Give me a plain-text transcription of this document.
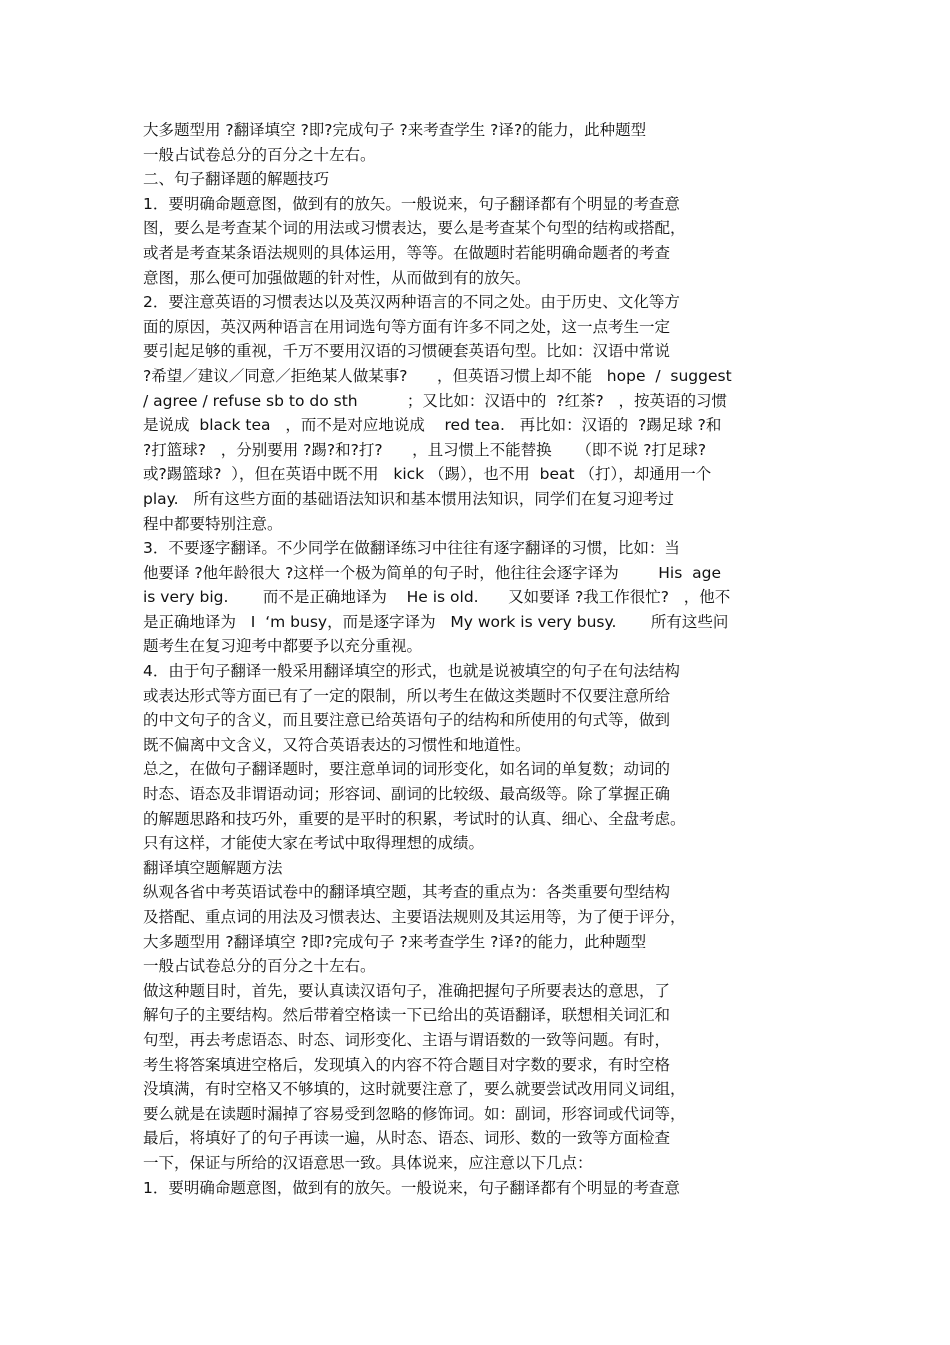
大多题型用 ?翻译填空 ?即?完成句子 ?来考查学生 ?译?的能力，此种题型
一般占试卷总分的百分之十左右。
二、句子翻译题的解题技巧
1．要明确命题意图，做到有的放矢。一般说来，句子翻译都有个明显的考查意
图，要么是考查某个词的用法或习惯表达，要么是考查某个句型的结构或搭配，
或者是考查某条语法规则的具体运用，等等。在做题时若能明确命题者的考查
意图，那么便可加强做题的针对性，从而做到有的放矢。
2．要注意英语的习惯表达以及英汉两种语言的不同之处。由于历史、文化等方
面的原因，英汉两种语言在用词选句等方面有许多不同之处，这一点考生一定
要引起足够的重视，千万不要用汉语的习惯硬套英语句型。比如：汉语中常说
?希望／建议／同意／拒绝某人做某事?      ，但英语习惯上却不能   hope  /  suggest
/ agree / refuse sb to do sth          ；又比如：汉语中的  ?红茶?   ，按英语的习惯
是说成  black tea   ，而不是对应地说成    red tea.   再比如：汉语的  ?踢足球 ?和
?打篮球?   ，分别要用 ?踢?和?打?      ，且习惯上不能替换     （即不说 ?打足球?
或?踢篮球?  ），但在英语中既不用   kick （踢），也不用  beat （打），却通用一个
play.   所有这些方面的基础语法知识和基本惯用法知识，同学们在复习迎考过
程中都要特别注意。
3．不要逐字翻译。不少同学在做翻译练习中往往有逐字翻译的习惯，比如：当
他要译 ?他年龄很大 ?这样一个极为简单的句子时，他往往会逐字译为        His  age
is very big.       而不是正确地译为    He is old.      又如要译 ?我工作很忙?   ，他不
是正确地译为   I  ‘m busy，而是逐字译为   My work is very busy.       所有这些问
题考生在复习迎考中都要予以充分重视。
4．由于句子翻译一般采用翻译填空的形式，也就是说被填空的句子在句法结构
或表达形式等方面已有了一定的限制，所以考生在做这类题时不仅要注意所给
的中文句子的含义，而且要注意已给英语句子的结构和所使用的句式等，做到
既不偏离中文含义，又符合英语表达的习惯性和地道性。
总之，在做句子翻译题时，要注意单词的词形变化，如名词的单复数；动词的
时态、语态及非谓语动词；形容词、副词的比较级、最高级等。除了掌握正确
的解题思路和技巧外，重要的是平时的积累，考试时的认真、细心、全盘考虑。
只有这样，才能使大家在考试中取得理想的成绩。
翻译填空题解题方法
纵观各省中考英语试卷中的翻译填空题，其考查的重点为：各类重要句型结构
及搭配、重点词的用法及习惯表达、主要语法规则及其运用等，为了便于评分，
大多题型用 ?翻译填空 ?即?完成句子 ?来考查学生 ?译?的能力，此种题型
一般占试卷总分的百分之十左右。
做这种题目时，首先，要认真读汉语句子，准确把握句子所要表达的意思，了
解句子的主要结构。然后带着空格读一下已给出的英语翻译，联想相关词汇和
句型，再去考虑语态、时态、词形变化、主语与谓语数的一致等问题。有时，
考生将答案填进空格后，发现填入的内容不符合题目对字数的要求，有时空格
没填满，有时空格又不够填的，这时就要注意了，要么就要尝试改用同义词组，
要么就是在读题时漏掉了容易受到忽略的修饰词。如：副词，形容词或代词等，
最后，将填好了的句子再读一遍，从时态、语态、词形、数的一致等方面检查
一下，保证与所给的汉语意思一致。具体说来，应注意以下几点：
1．要明确命题意图，做到有的放矢。一般说来，句子翻译都有个明显的考查意
